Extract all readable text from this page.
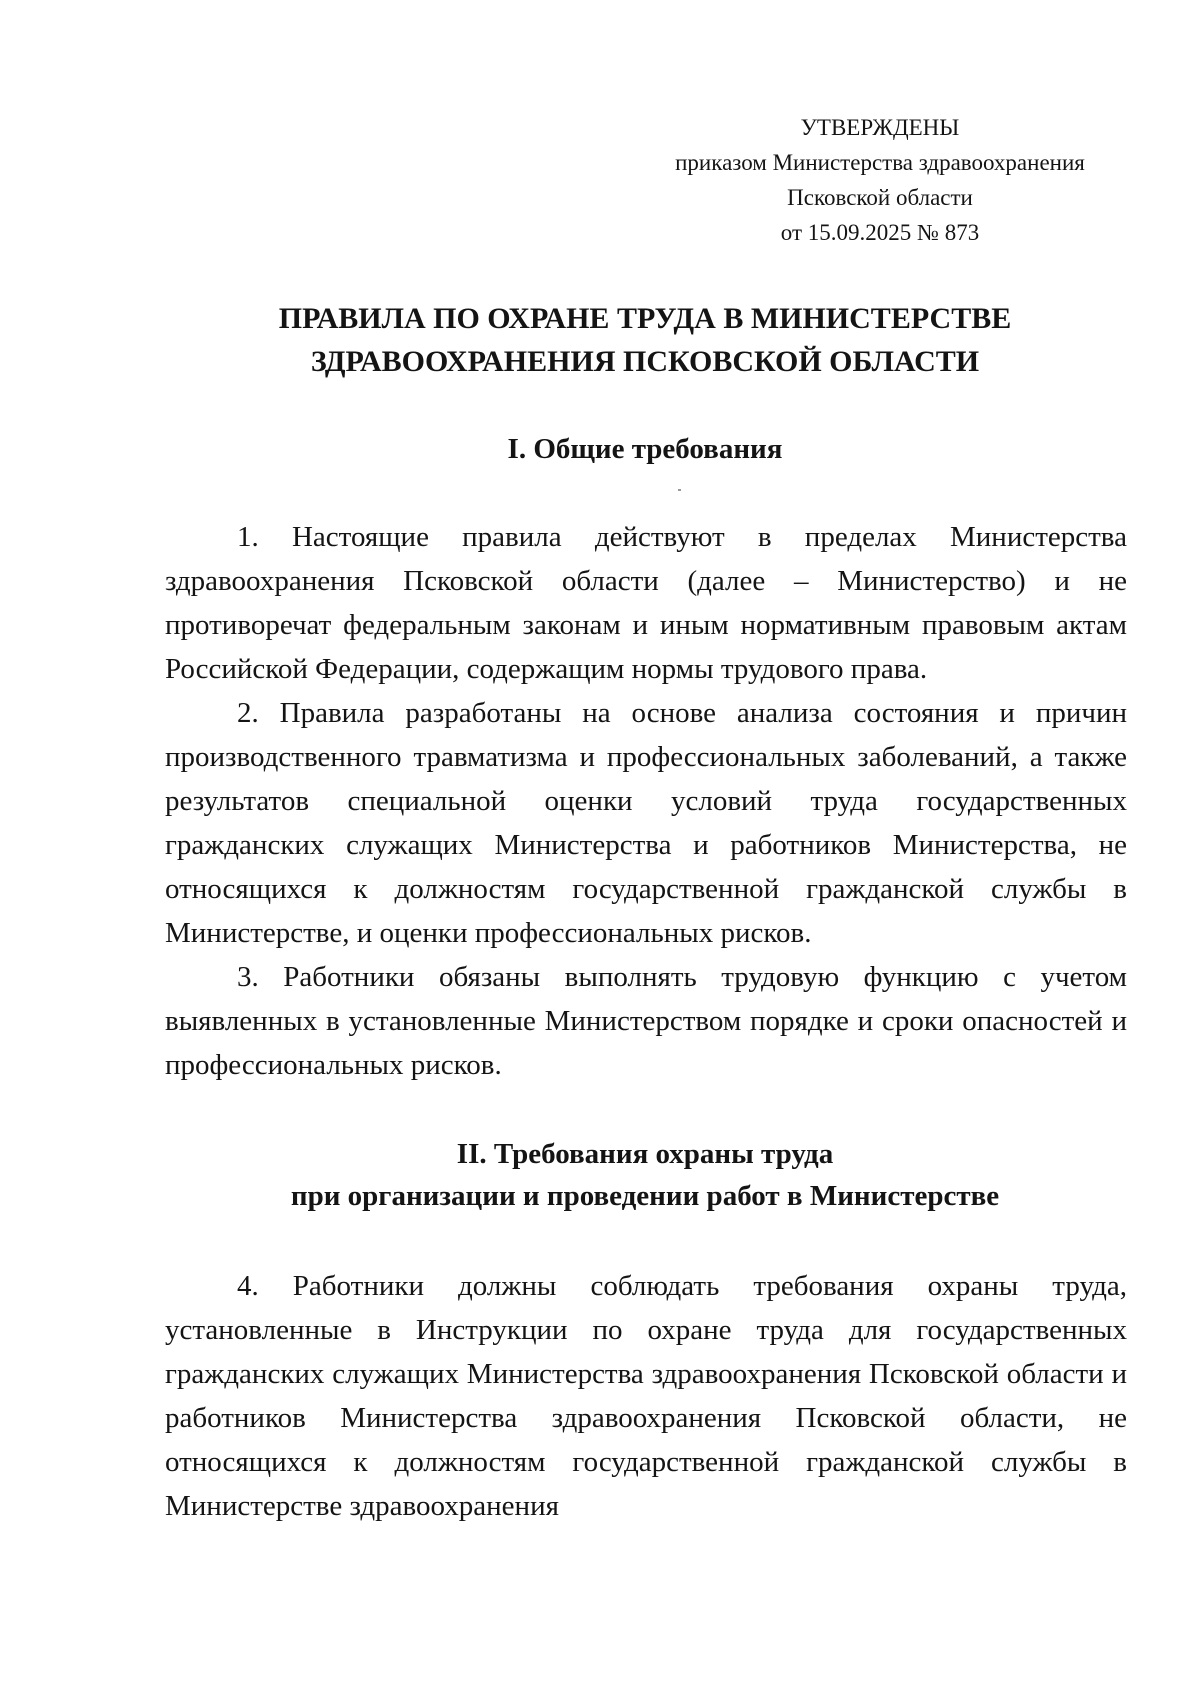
УТВЕРЖДЕНЫ
приказом Министерства здравоохранения
Псковской области
от 15.09.2025 № 873
ПРАВИЛА ПО ОХРАНЕ ТРУДА В МИНИСТЕРСТВЕ
ЗДРАВООХРАНЕНИЯ ПСКОВСКОЙ ОБЛАСТИ
I. Общие требования

1. Настоящие правила действуют в пределах Министерства здравоохранения Псковской области (далее – Министерство) и не противоречат федеральным законам и иным нормативным правовым актам Российской Федерации, содержащим нормы трудового права.

2. Правила разработаны на основе анализа состояния и причин производственного травматизма и профессиональных заболеваний, а также результатов специальной оценки условий труда государственных гражданских служащих Министерства и работников Министерства, не относящихся к должностям государственной гражданской службы в Министерстве, и оценки профессиональных рисков.

3. Работники обязаны выполнять трудовую функцию с учетом выявленных в установленные Министерством порядке и сроки опасностей и профессиональных рисков.

II. Требования охраны труда
при организации и проведении работ в Министерстве

4. Работники должны соблюдать требования охраны труда, установленные в Инструкции по охране труда для государственных гражданских служащих Министерства здравоохранения Псковской области и работников Министерства здравоохранения Псковской области, не относящихся к должностям государственной гражданской службы в Министерстве здравоохранения
